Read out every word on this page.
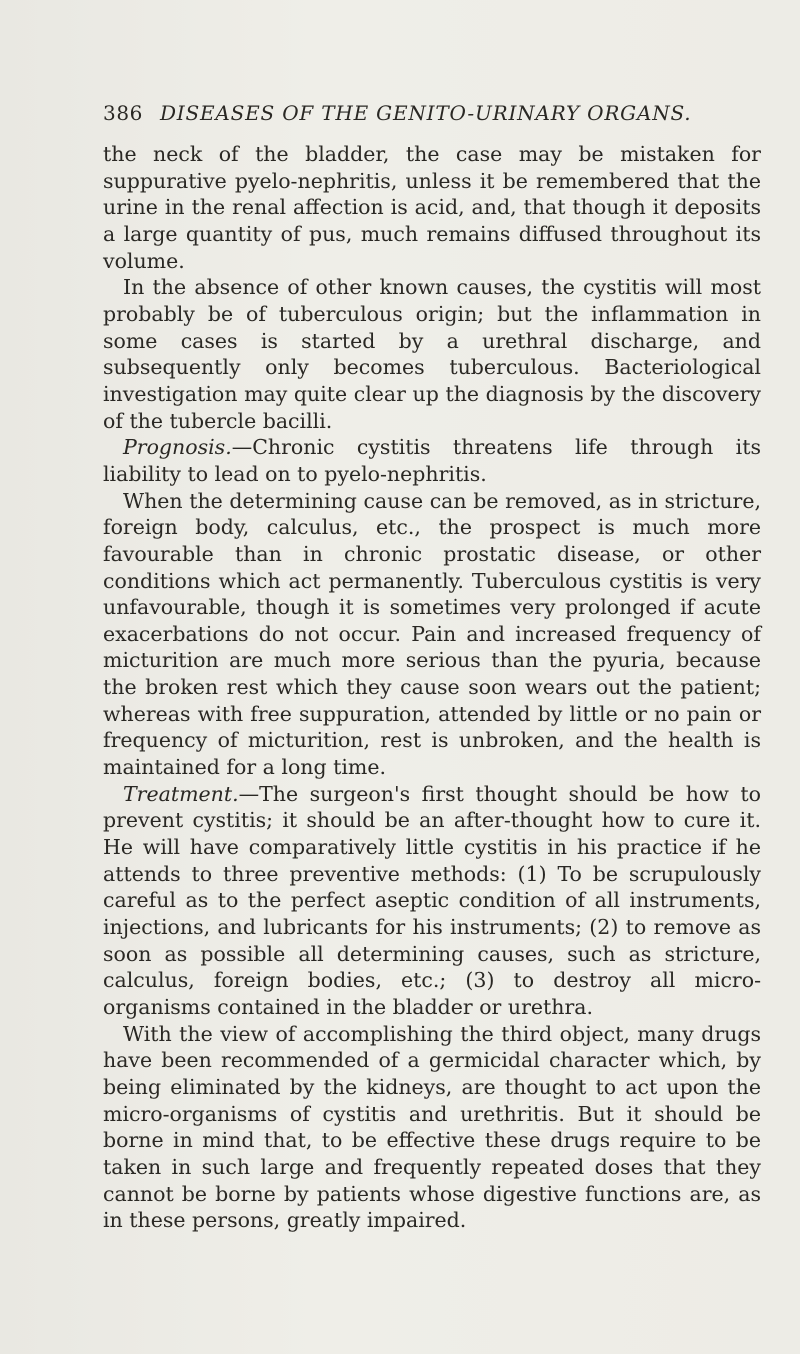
386 DISEASES OF THE GENITO-URINARY ORGANS.

the neck of the bladder, the case may be mistaken for suppurative pyelo-nephritis, unless it be remembered that the urine in the renal affection is acid, and, that though it deposits a large quantity of pus, much remains diffused throughout its volume.

In the absence of other known causes, the cystitis will most probably be of tuberculous origin; but the inflammation in some cases is started by a urethral discharge, and subsequently only becomes tuberculous. Bacteriological investigation may quite clear up the diagnosis by the discovery of the tubercle bacilli.

Prognosis.—Chronic cystitis threatens life through its liability to lead on to pyelo-nephritis.

When the determining cause can be removed, as in stricture, foreign body, calculus, etc., the prospect is much more favourable than in chronic prostatic disease, or other conditions which act permanently. Tuberculous cystitis is very unfavourable, though it is sometimes very prolonged if acute exacerbations do not occur. Pain and increased frequency of micturition are much more serious than the pyuria, because the broken rest which they cause soon wears out the patient; whereas with free suppuration, attended by little or no pain or frequency of micturition, rest is unbroken, and the health is maintained for a long time.

Treatment.—The surgeon's first thought should be how to prevent cystitis; it should be an after-thought how to cure it. He will have comparatively little cystitis in his practice if he attends to three preventive methods: (1) To be scrupulously careful as to the perfect aseptic condition of all instruments, injections, and lubricants for his instruments; (2) to remove as soon as possible all determining causes, such as stricture, calculus, foreign bodies, etc.; (3) to destroy all micro-organisms contained in the bladder or urethra.

With the view of accomplishing the third object, many drugs have been recommended of a germicidal character which, by being eliminated by the kidneys, are thought to act upon the micro-organisms of cystitis and urethritis. But it should be borne in mind that, to be effective these drugs require to be taken in such large and frequently repeated doses that they cannot be borne by patients whose digestive functions are, as in these persons, greatly impaired.
